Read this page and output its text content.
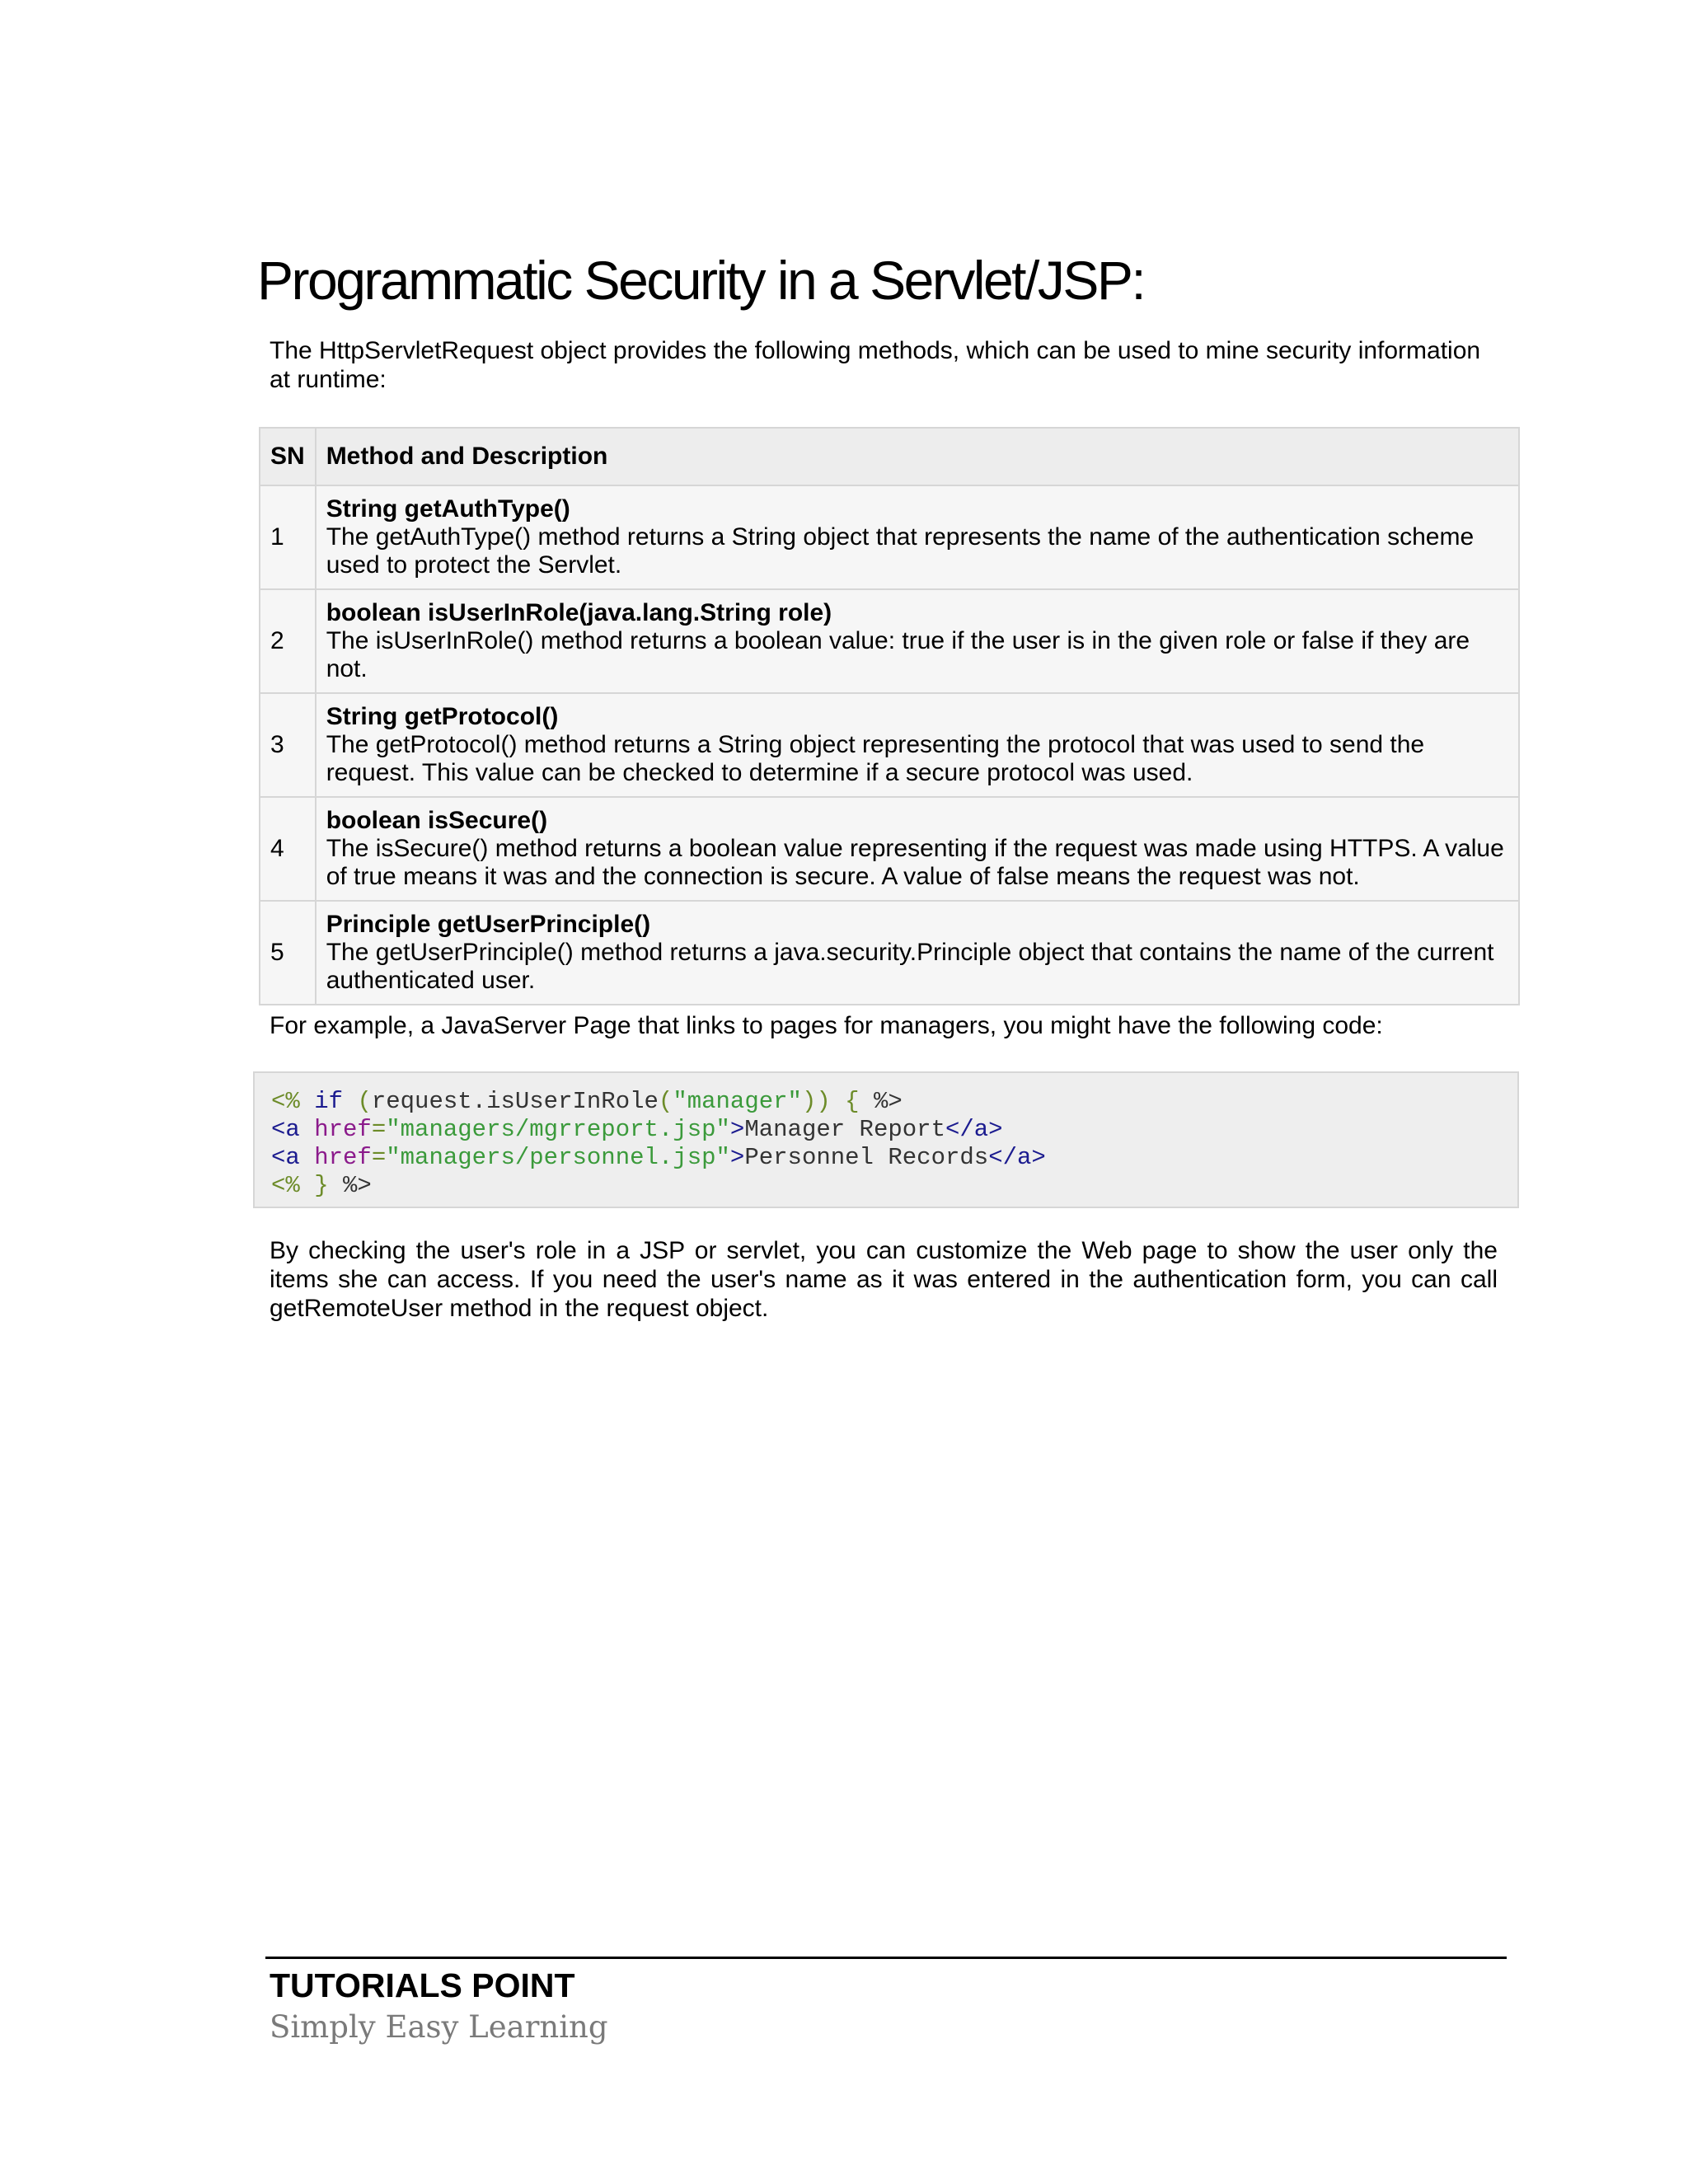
Programmatic Security in a Servlet/JSP:

The HttpServletRequest object provides the following methods, which can be used to mine security information at runtime:

SN	Method and Description
1	String getAuthType()
The getAuthType() method returns a String object that represents the name of the authentication scheme used to protect the Servlet.

2	boolean isUserInRole(java.lang.String role)
The isUserInRole() method returns a boolean value: true if the user is in the given role or false if they are not.

3	String getProtocol()
The getProtocol() method returns a String object representing the protocol that was used to send the request. This value can be checked to determine if a secure protocol was used.

4	boolean isSecure()
The isSecure() method returns a boolean value representing if the request was made using HTTPS. A value of true means it was and the connection is secure. A value of false means the request was not.

5	Principle getUserPrinciple()
The getUserPrinciple() method returns a java.security.Principle object that contains the name of the current authenticated user.

For example, a JavaServer Page that links to pages for managers, you might have the following code:

<% if (request.isUserInRole("manager")) { %>
<a href="managers/mgrreport.jsp">Manager Report</a>
<a href="managers/personnel.jsp">Personnel Records</a>
<% } %>

By checking the user's role in a JSP or servlet, you can customize the Web page to show the user only the items she can access. If you need the user's name as it was entered in the authentication form, you can call getRemoteUser method in the request object.

TUTORIALS POINT

Simply Easy Learning
